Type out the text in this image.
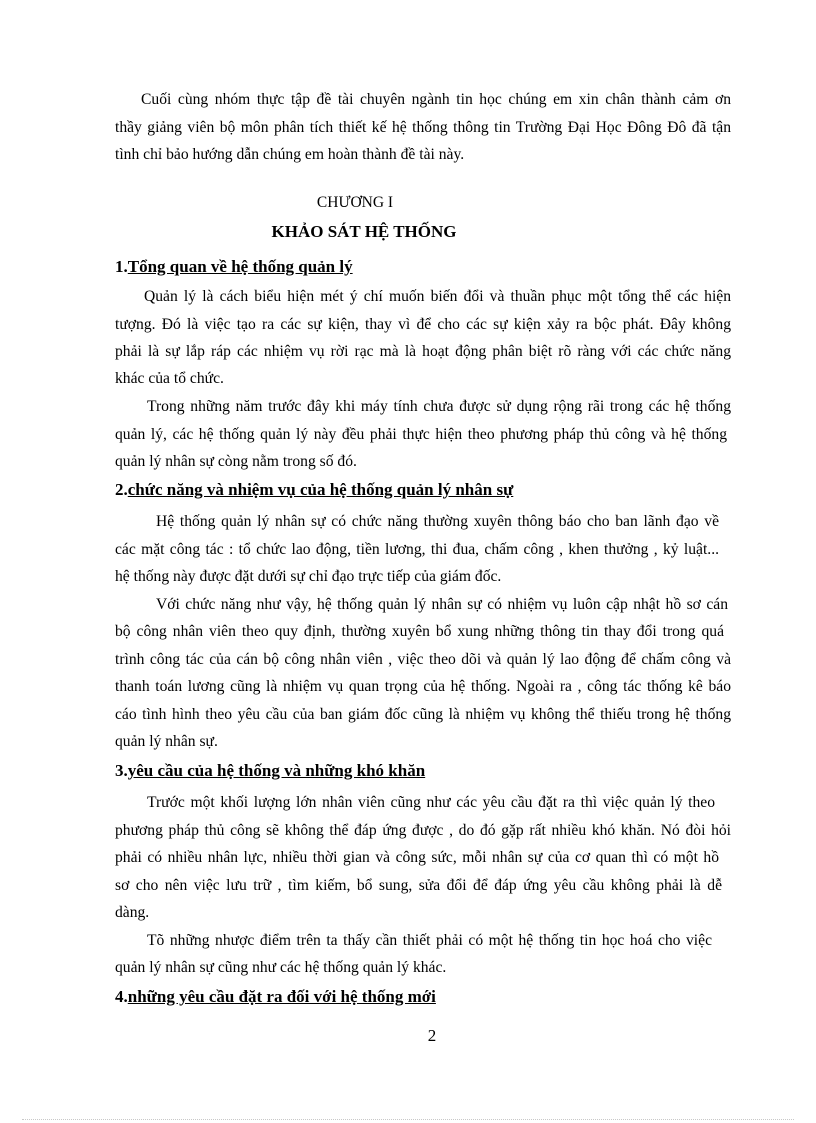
Cuối cùng nhóm thực tập đề tài chuyên ngành tin học chúng em xin chân thành cảm ơn
thầy giảng viên bộ môn phân tích thiết kế hệ thống thông tin Trường Đại Học Đông Đô đã tận
tình chỉ bảo hướng dẫn chúng em hoàn thành đề tài này.
CHƯƠNG I
KHẢO SÁT HỆ THỐNG
1.Tổng quan về hệ thống quản lý
Quản lý là cách biểu hiện mét ý chí muốn biến đổi và thuần phục một tổng thể các hiện
tượng. Đó là việc tạo ra các sự kiện, thay vì để cho các sự kiện xảy ra bộc phát. Đây không
phải là sự lắp ráp các nhiệm vụ rời rạc mà là hoạt động phân biệt rõ ràng với các chức năng
khác của tổ chức.
Trong những năm trước đây khi máy tính chưa được sử dụng rộng rãi trong các hệ thống
quản lý, các hệ thống quản lý này đều phải thực hiện theo phương pháp thủ công và hệ thống
quản lý nhân sự còng nằm trong số đó.
2.chức năng và nhiệm vụ của hệ thống quản lý nhân sự
Hệ thống quản lý nhân sự có chức năng thường xuyên thông báo cho ban lãnh đạo về
các mặt công tác : tổ chức lao động, tiền lương, thi đua, chấm công , khen thưởng , kỷ luật...
hệ thống này được đặt dưới sự chỉ đạo trực tiếp của giám đốc.
Với chức năng như vậy, hệ thống quản lý nhân sự có nhiệm vụ luôn cập nhật hồ sơ cán
bộ công nhân viên theo quy định, thường xuyên bổ xung những thông tin thay đổi trong quá
trình công tác của cán bộ công nhân viên , việc theo dõi và quản lý lao động để chấm công và
thanh toán lương cũng là nhiệm vụ quan trọng của hệ thống. Ngoài ra , công tác thống kê báo
cáo tình hình theo yêu cầu của ban giám đốc cũng là nhiệm vụ không thể thiếu trong hệ thống
quản lý nhân sự.
3.yêu cầu của hệ thống và những khó khăn
Trước một khối lượng lớn nhân viên cũng như các yêu cầu đặt ra thì việc quản lý theo
phương pháp thủ công sẽ không thể đáp ứng được , do đó gặp rất nhiều khó khăn. Nó đòi hỏi
phải có nhiều nhân lực, nhiều thời gian và công sức, mỗi nhân sự của cơ quan thì có một hồ
sơ cho nên việc lưu trữ , tìm kiếm, bổ sung, sửa đổi để đáp ứng yêu cầu không phải là dễ
dàng.
Tõ những nhược điểm trên ta thấy cần thiết phải có một hệ thống tin học hoá cho việc
quản lý nhân sự cũng như các hệ thống quản lý khác.
4.những yêu cầu đặt ra đối với hệ thống mới
2
